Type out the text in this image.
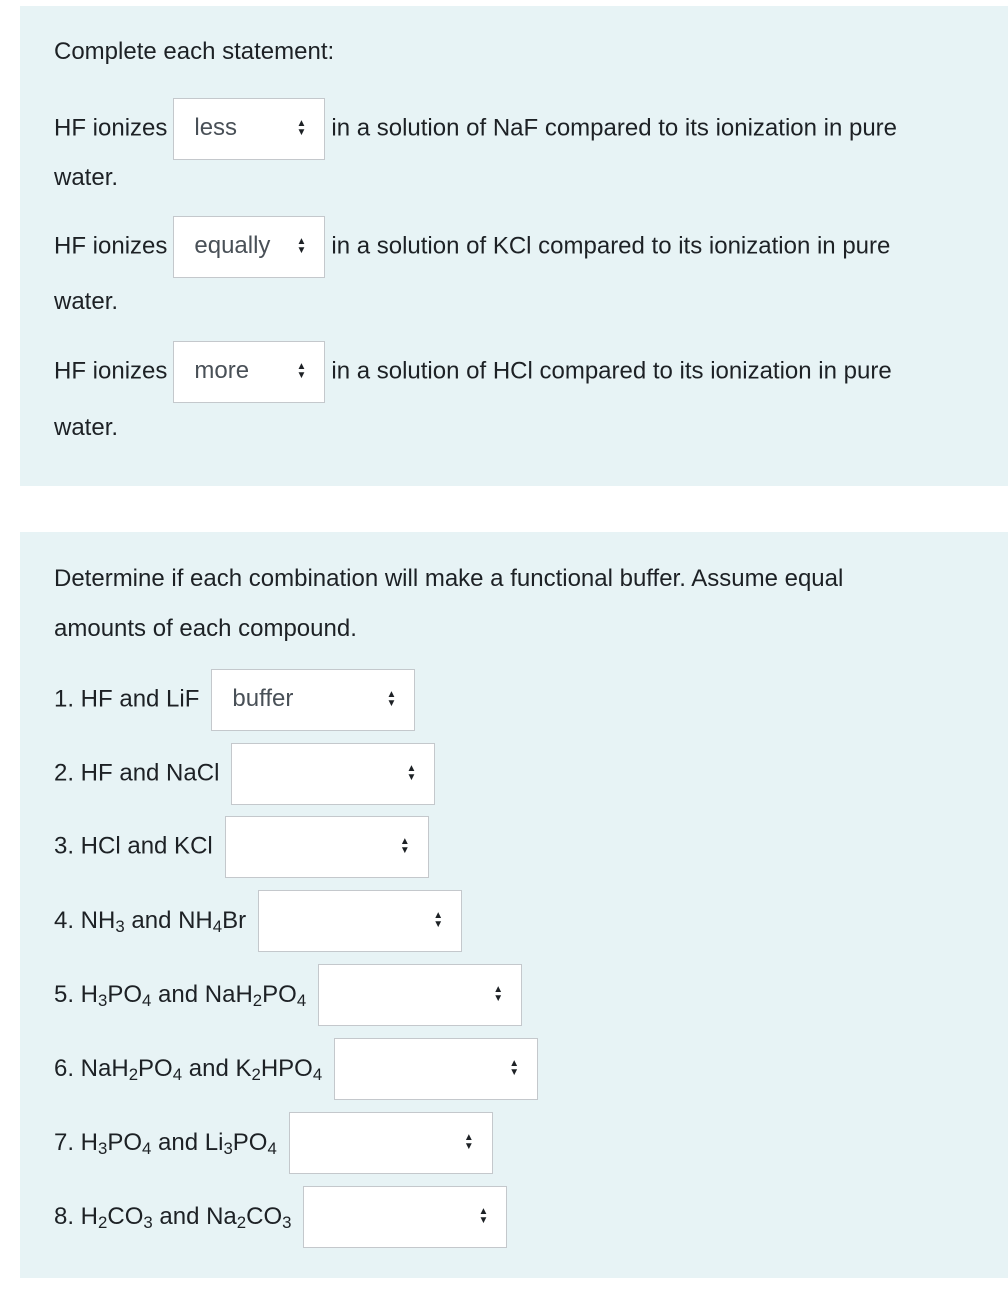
Complete each statement:
HF ionizes less	▲
▼ in a solution of NaF compared to its ionization in pure
water.
HF ionizes equally	▲
▼ in a solution of KCl compared to its ionization in pure
water.
HF ionizes more	▲
▼ in a solution of HCl compared to its ionization in pure
water.
Determine if each combination will make a functional buffer. Assume equal
amounts of each compound.
1. HF and LiF buffer	▲
▼
2. HF and NaCl	▲
▼
3. HCl and KCl	▲
▼
4. $NH_3$ and $NH_4Br$	▲
▼
5. $H_3PO_4$ and $NaH_2PO_4$
▲
▼
6. $NaH_2PO_4$ and $K_2HPO_4$
▲
▼
7. $H_3PO_4$ and $Li_3PO_4$
▲
▼
8. $H_2CO_3$ and $Na_2CO_3$
▲
▼
